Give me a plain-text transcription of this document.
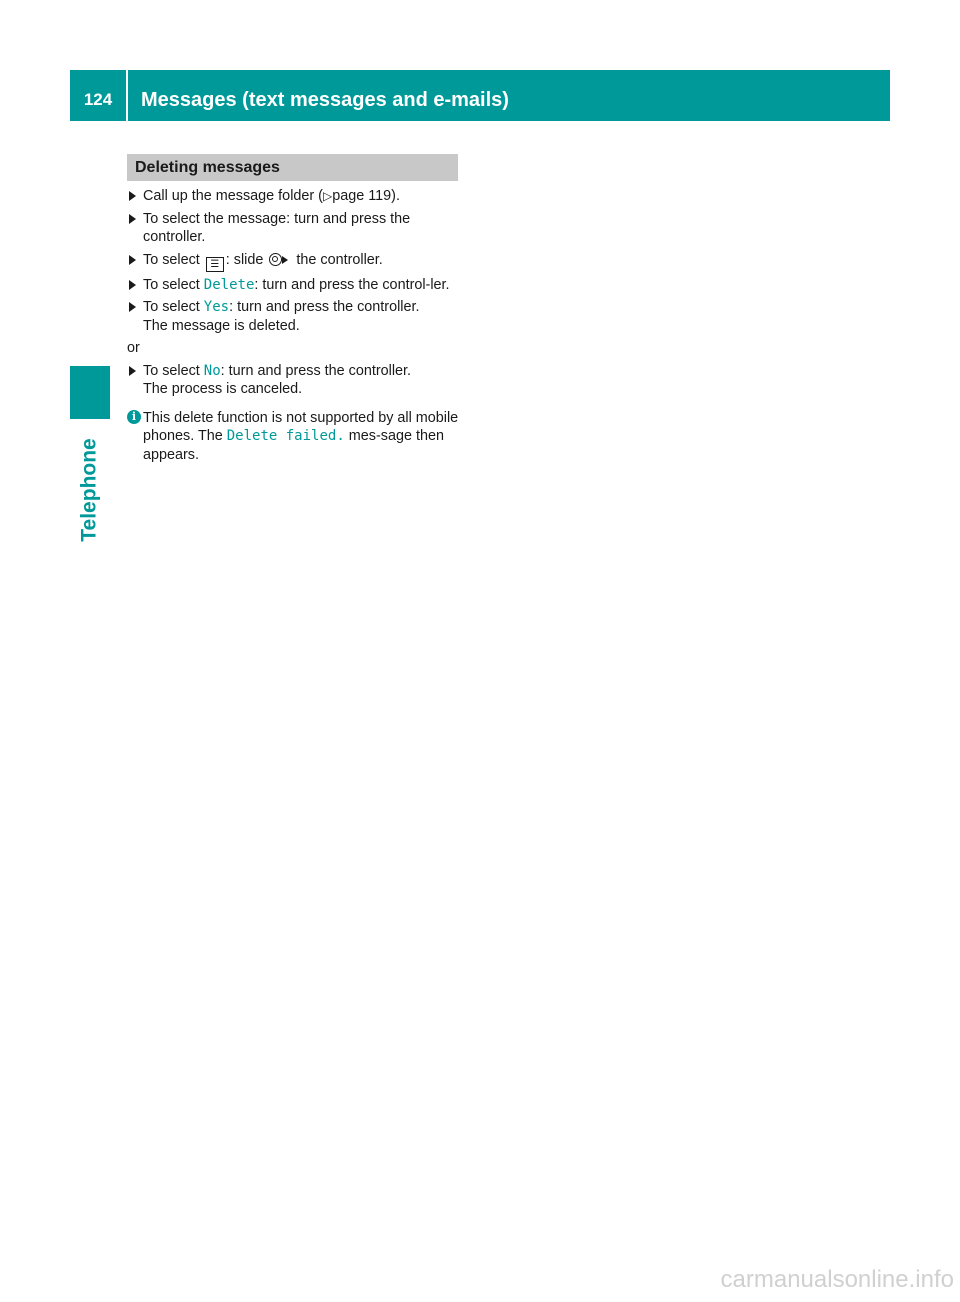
124	Messages (text messages and e-mails)
Telephone
Deleting messages
Call up the message folder (▷page 119).
To select the message: turn and press the controller.
To select ☰ : slide  the controller.
To select Delete: turn and press the control-ler.
To select Yes: turn and press the controller.
The message is deleted.
or
To select No: turn and press the controller.
The process is canceled.
i This delete function is not supported by all mobile phones. The Delete failed. mes-sage then appears.
carmanualsonline.info
